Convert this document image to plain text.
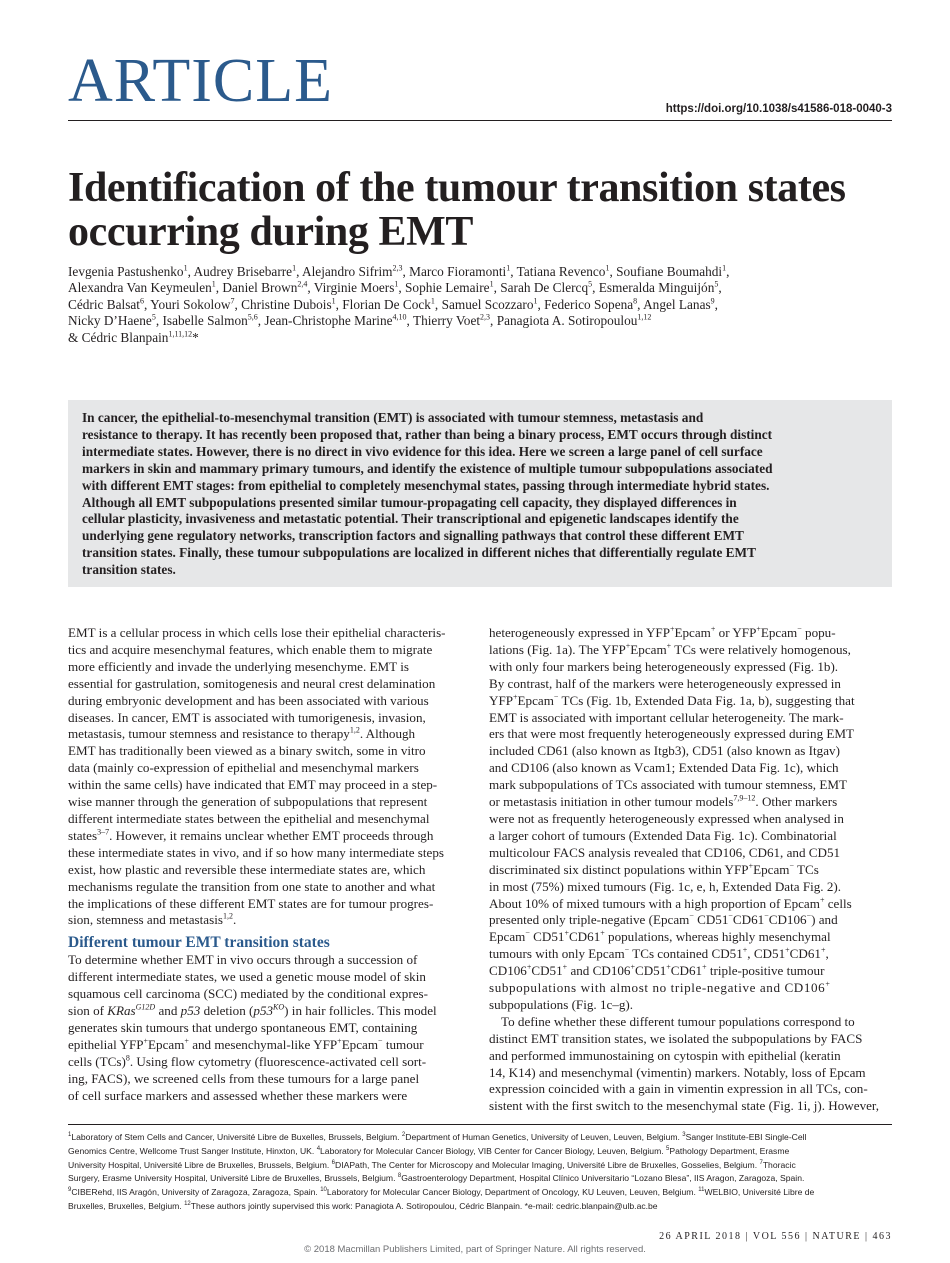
ARTICLE	https://doi.org/10.1038/s41586-018-0040-3
Identification of the tumour transition states occurring during EMT

Ievgenia Pastushenko$^1$, Audrey Brisebarre$^1$, Alejandro Sifrim$^{2,3}$, Marco Fioramonti$^1$, Tatiana Revenco$^1$, Soufiane Boumahdi$^1$,

Alexandra Van Keymeulen$^1$, Daniel Brown$^{2,4}$, Virginie Moers$^1$, Sophie Lemaire$^1$, Sarah De Clercq$^5$, Esmeralda Minguijón$^5$,

Cédric Balsat$^6$, Youri Sokolow$^7$, Christine Dubois$^1$, Florian De Cock$^1$, Samuel Scozzaro$^1$, Federico Sopena$^8$, Angel Lanas$^9$,

Nicky D’Haene$^5$, Isabelle Salmon$^{5,6}$, Jean-Christophe Marine$^{4,10}$, Thierry Voet$^{2,3}$, Panagiota A. Sotiropoulou$^{1,12}$

& Cédric Blanpain$^{1,11,12}$*

In cancer, the epithelial-to-mesenchymal transition (EMT) is associated with tumour stemness, metastasis and

resistance to therapy. It has recently been proposed that, rather than being a binary process, EMT occurs through distinct

intermediate states. However, there is no direct in vivo evidence for this idea. Here we screen a large panel of cell surface

markers in skin and mammary primary tumours, and identify the existence of multiple tumour subpopulations associated

with different EMT stages: from epithelial to completely mesenchymal states, passing through intermediate hybrid states.

Although all EMT subpopulations presented similar tumour-propagating cell capacity, they displayed differences in

cellular plasticity, invasiveness and metastatic potential. Their transcriptional and epigenetic landscapes identify the

underlying gene regulatory networks, transcription factors and signalling pathways that control these different EMT

transition states. Finally, these tumour subpopulations are localized in different niches that differentially regulate EMT

transition states.

EMT is a cellular process in which cells lose their epithelial characteris-

tics and acquire mesenchymal features, which enable them to migrate

more efficiently and invade the underlying mesenchyme. EMT is

essential for gastrulation, somitogenesis and neural crest delamination

during embryonic development and has been associated with various

diseases. In cancer, EMT is associated with tumorigenesis, invasion,

metastasis, tumour stemness and resistance to therapy$^{1,2}$. Although

EMT has traditionally been viewed as a binary switch, some in vitro

data (mainly co-expression of epithelial and mesenchymal markers

within the same cells) have indicated that EMT may proceed in a step-

wise manner through the generation of subpopulations that represent

different intermediate states between the epithelial and mesenchymal

states$^{3-7}$. However, it remains unclear whether EMT proceeds through

these intermediate states in vivo, and if so how many intermediate steps

exist, how plastic and reversible these intermediate states are, which

mechanisms regulate the transition from one state to another and what

the implications of these different EMT states are for tumour progres-

sion, stemness and metastasis$^{1,2}$.

Different tumour EMT transition states

To determine whether EMT in vivo occurs through a succession of

different intermediate states, we used a genetic mouse model of skin

squamous cell carcinoma (SCC) mediated by the conditional expres-

sion of KRas$^{G12D}$ and p53 deletion $(p53^{KO})$ in hair follicles. This model

generates skin tumours that undergo spontaneous EMT, containing

epithelial YFP+Epcam+ and mesenchymal-like YFP+Epcam− tumour

cells (TCs)$^8$. Using flow cytometry (fluorescence-activated cell sort-

ing, FACS), we screened cells from these tumours for a large panel

of cell surface markers and assessed whether these markers were

heterogeneously expressed in YFP+Epcam+ or YFP+Epcam− popu-

lations (Fig. 1a). The YFP+Epcam+ TCs were relatively homogenous,

with only four markers being heterogeneously expressed (Fig. 1b).

By contrast, half of the markers were heterogeneously expressed in

YFP+Epcam− TCs (Fig. 1b, Extended Data Fig. 1a, b), suggesting that

EMT is associated with important cellular heterogeneity. The mark-

ers that were most frequently heterogeneously expressed during EMT

included CD61 (also known as Itgb3), CD51 (also known as Itgav)

and CD106 (also known as Vcam1; Extended Data Fig. 1c), which

mark subpopulations of TCs associated with tumour stemness, EMT

or metastasis initiation in other tumour models$^{7,9-12}$. Other markers

were not as frequently heterogeneously expressed when analysed in

a larger cohort of tumours (Extended Data Fig. 1c). Combinatorial

multicolour FACS analysis revealed that CD106, CD61, and CD51

discriminated six distinct populations within YFP+Epcam− TCs

in most (75%) mixed tumours (Fig. 1c, e, h, Extended Data Fig. 2).

About 10% of mixed tumours with a high proportion of Epcam+ cells

presented only triple-negative (Epcam− CD51−CD61−CD106−) and

Epcam− CD51+CD61+ populations, whereas highly mesenchymal

tumours with only Epcam− TCs contained CD51+, CD51+CD61+,

CD106+CD51+ and CD106+CD51+CD61+ triple-positive tumour

subpopulations with almost no triple-negative and CD106+

subpopulations (Fig. 1c–g).

To define whether these different tumour populations correspond to

distinct EMT transition states, we isolated the subpopulations by FACS

and performed immunostaining on cytospin with epithelial (keratin

14, K14) and mesenchymal (vimentin) markers. Notably, loss of Epcam

expression coincided with a gain in vimentin expression in all TCs, con-

sistent with the first switch to the mesenchymal state (Fig. 1i, j). However,

$^1$Laboratory of Stem Cells and Cancer, Université Libre de Buxelles, Brussels, Belgium. $^2$Department of Human Genetics, University of Leuven, Leuven, Belgium. $^3$Sanger Institute-EBI Single-Cell

Genomics Centre, Wellcome Trust Sanger Institute, Hinxton, UK. $^4$Laboratory for Molecular Cancer Biology, VIB Center for Cancer Biology, Leuven, Belgium. $^5$Pathology Department, Erasme

University Hospital, Université Libre de Bruxelles, Brussels, Belgium. $^6$DIAPath, The Center for Microscopy and Molecular Imaging, Université Libre de Bruxelles, Gosselies, Belgium. $^7$Thoracic

Surgery, Erasme University Hospital, Université Libre de Bruxelles, Brussels, Belgium. $^8$Gastroenterology Department, Hospital Clínico Universitario “Lozano Blesa”, IIS Aragon, Zaragoza, Spain.

$^9$CIBERehd, IIS Aragón, University of Zaragoza, Zaragoza, Spain. $^{10}$Laboratory for Molecular Cancer Biology, Department of Oncology, KU Leuven, Leuven, Belgium. $^{11}$WELBIO, Université Libre de

Bruxelles, Bruxelles, Belgium. $^{12}$These authors jointly supervised this work: Panagiota A. Sotiropoulou, Cédric Blanpain. *e-mail: cedric.blanpain@ulb.ac.be

26 APRIL 2018 | VOL 556 | NATURE | 463
© 2018 Macmillan Publishers Limited, part of Springer Nature. All rights reserved.
